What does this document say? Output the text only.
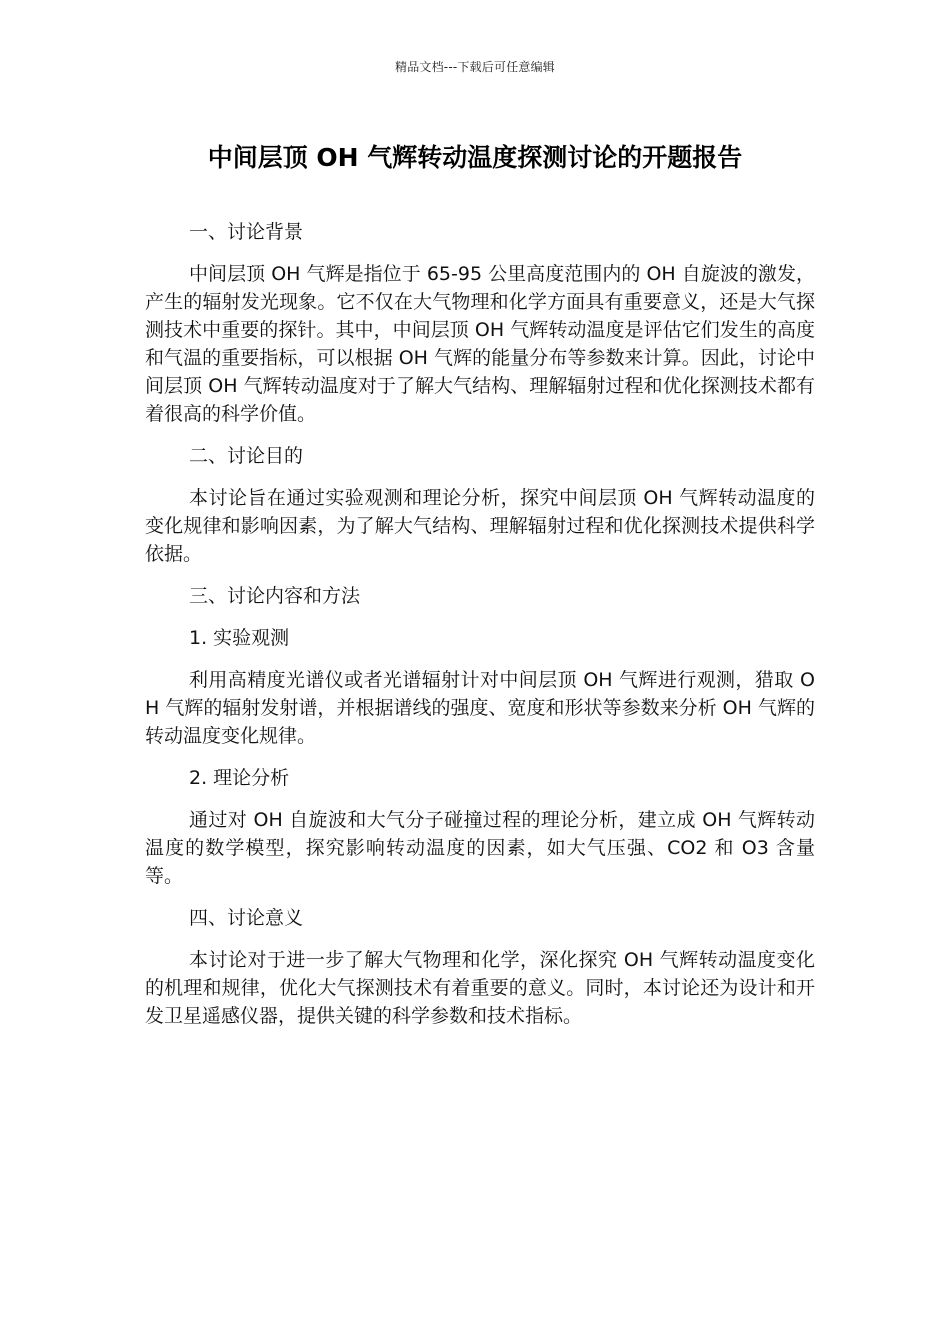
精品文档---下载后可任意编辑
中间层顶 OH 气辉转动温度探测讨论的开题报告
一、讨论背景

中间层顶 OH 气辉是指位于 65-95 公里高度范围内的 OH 自旋波的激发，产生的辐射发光现象。它不仅在大气物理和化学方面具有重要意义，还是大气探测技术中重要的探针。其中，中间层顶 OH 气辉转动温度是评估它们发生的高度和气温的重要指标，可以根据 OH 气辉的能量分布等参数来计算。因此，讨论中间层顶 OH 气辉转动温度对于了解大气结构、理解辐射过程和优化探测技术都有着很高的科学价值。

二、讨论目的

本讨论旨在通过实验观测和理论分析，探究中间层顶 OH 气辉转动温度的变化规律和影响因素，为了解大气结构、理解辐射过程和优化探测技术提供科学依据。

三、讨论内容和方法
1. 实验观测

利用高精度光谱仪或者光谱辐射计对中间层顶 OH 气辉进行观测，猎取 OH 气辉的辐射发射谱，并根据谱线的强度、宽度和形状等参数来分析 OH 气辉的转动温度变化规律。

2. 理论分析

通过对 OH 自旋波和大气分子碰撞过程的理论分析，建立成 OH 气辉转动温度的数学模型，探究影响转动温度的因素，如大气压强、CO2 和 O3 含量等。

四、讨论意义

本讨论对于进一步了解大气物理和化学，深化探究 OH 气辉转动温度变化的机理和规律，优化大气探测技术有着重要的意义。同时，本讨论还为设计和开发卫星遥感仪器，提供关键的科学参数和技术指标。
